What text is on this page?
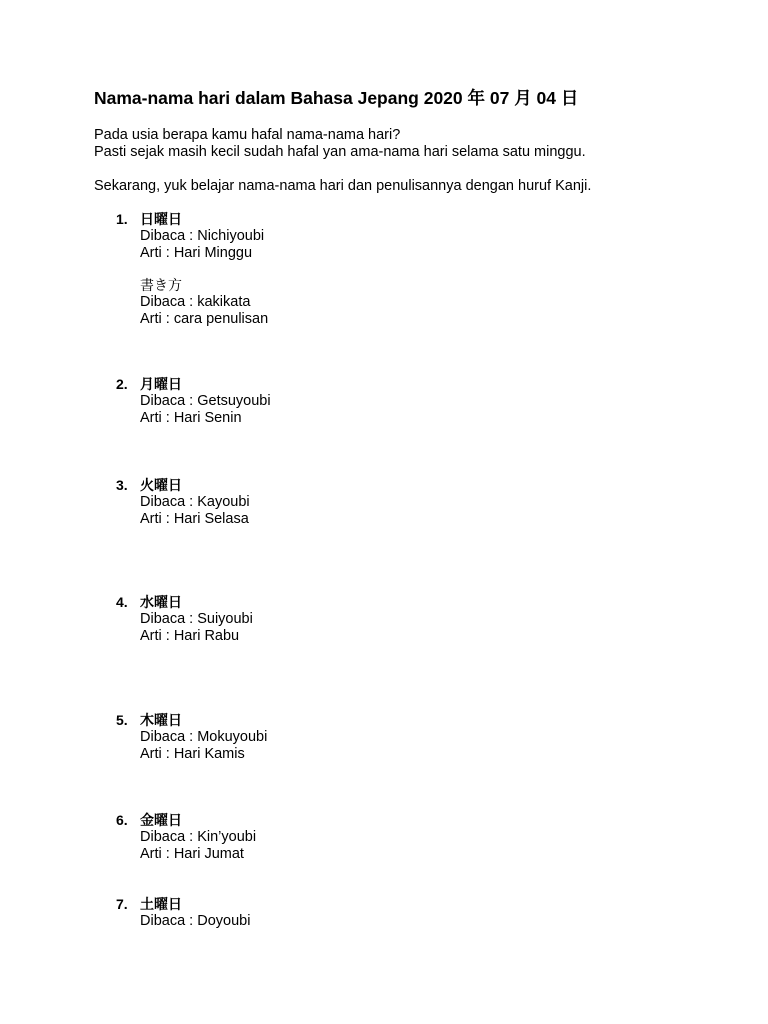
Nama-nama hari dalam Bahasa Jepang 2020 年 07 月 04 日
Pada usia berapa kamu hafal nama-nama hari?
Pasti sejak masih kecil sudah hafal yan ama-nama hari selama satu minggu.
Sekarang, yuk belajar nama-nama hari dan penulisannya dengan huruf Kanji.
1. 日曜日
Dibaca : Nichiyoubi
Arti : Hari Minggu
書き方
Dibaca : kakikata
Arti : cara penulisan
2. 月曜日
Dibaca : Getsuyoubi
Arti : Hari Senin
3. 火曜日
Dibaca : Kayoubi
Arti : Hari Selasa
4. 水曜日
Dibaca : Suiyoubi
Arti : Hari Rabu
5. 木曜日
Dibaca : Mokuyoubi
Arti : Hari Kamis
6. 金曜日
Dibaca : Kin’youbi
Arti : Hari Jumat
7. 土曜日
Dibaca : Doyoubi
